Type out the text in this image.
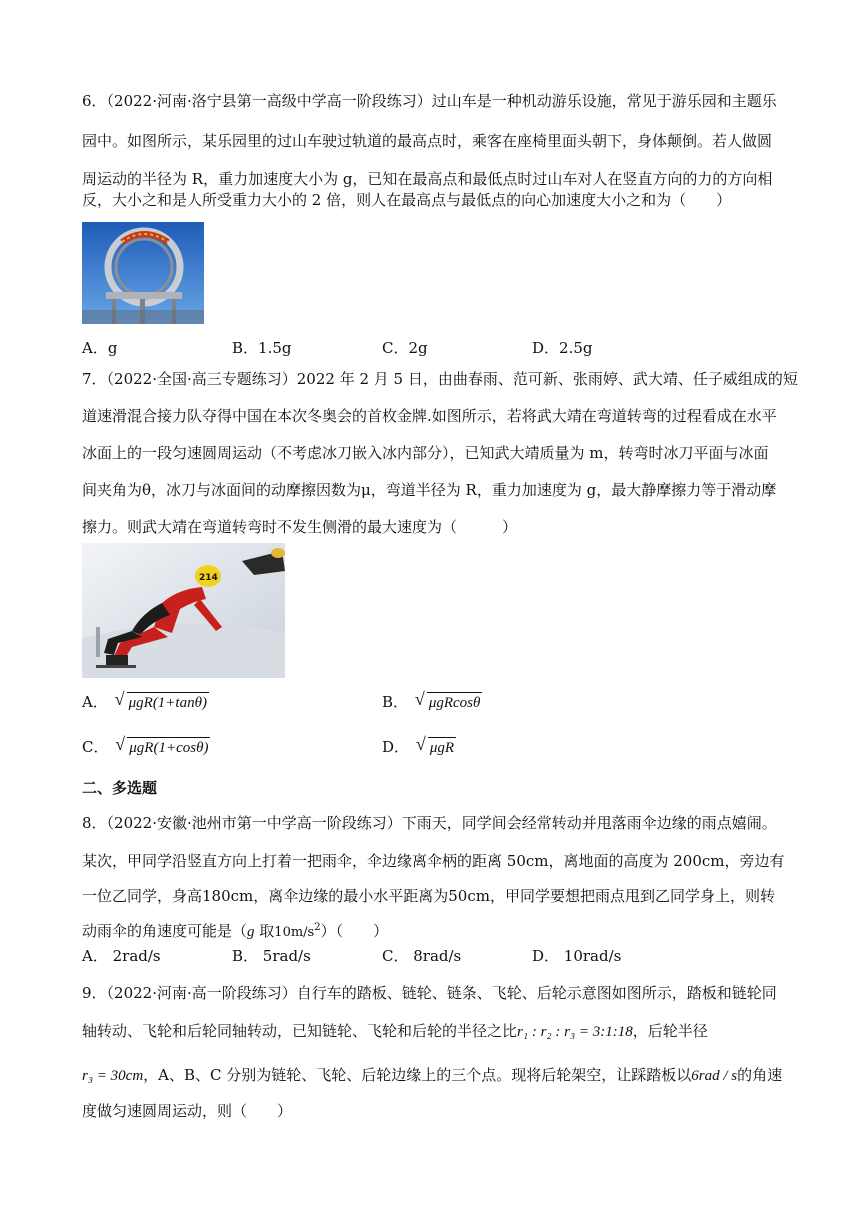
6．（2022·河南·洛宁县第一高级中学高一阶段练习）过山车是一种机动游乐设施，常见于游乐园和主题乐
园中。如图所示，某乐园里的过山车驶过轨道的最高点时，乘客在座椅里面头朝下，身体颠倒。若人做圆
周运动的半径为 R，重力加速度大小为 g，已知在最高点和最低点时过山车对人在竖直方向的力的方向相
反，大小之和是人所受重力大小的 2 倍，则人在最高点与最低点的向心加速度大小之和为（　　）
A．g	B．1.5g	C．2g	D．2.5g
7．（2022·全国·高三专题练习）2022 年 2 月 5 日，由曲春雨、范可新、张雨婷、武大靖、任子威组成的短
道速滑混合接力队夺得中国在本次冬奥会的首枚金牌.如图所示，若将武大靖在弯道转弯的过程看成在水平
冰面上的一段匀速圆周运动（不考虑冰刀嵌入冰内部分），已知武大靖质量为 m，转弯时冰刀平面与冰面
间夹角为θ，冰刀与冰面间的动摩擦因数为μ，弯道半径为 R，重力加速度为 g，最大静摩擦力等于滑动摩
擦力。则武大靖在弯道转弯时不发生侧滑的最大速度为（　　　）
214
A． √ μgR(1+tanθ)	B． √ μgRcosθ
C． √ μgR(1+cosθ)	D． √ μgR
二、多选题
8．（2022·安徽·池州市第一中学高一阶段练习）下雨天，同学间会经常转动并甩落雨伞边缘的雨点嬉闹。
某次，甲同学沿竖直方向上打着一把雨伞，伞边缘离伞柄的距离 50cm，离地面的高度为 200cm，旁边有
一位乙同学，身高180cm，离伞边缘的最小水平距离为50cm，甲同学要想把雨点甩到乙同学身上，则转
动雨伞的角速度可能是（g 取$10m/s^2$）（　　）
A． 2rad/s	B． 5rad/s	C． 8rad/s	D． 10rad/s
9．（2022·河南·高一阶段练习）自行车的踏板、链轮、链条、飞轮、后轮示意图如图所示，踏板和链轮同
轴转动、飞轮和后轮同轴转动，已知链轮、飞轮和后轮的半径之比r₁ : r₂ : r₃ = 3:1:18，后轮半径
r₃ = 30cm，A、B、C 分别为链轮、飞轮、后轮边缘上的三个点。现将后轮架空，让踩踏板以6rad / s的角速
度做匀速圆周运动，则（　　）
